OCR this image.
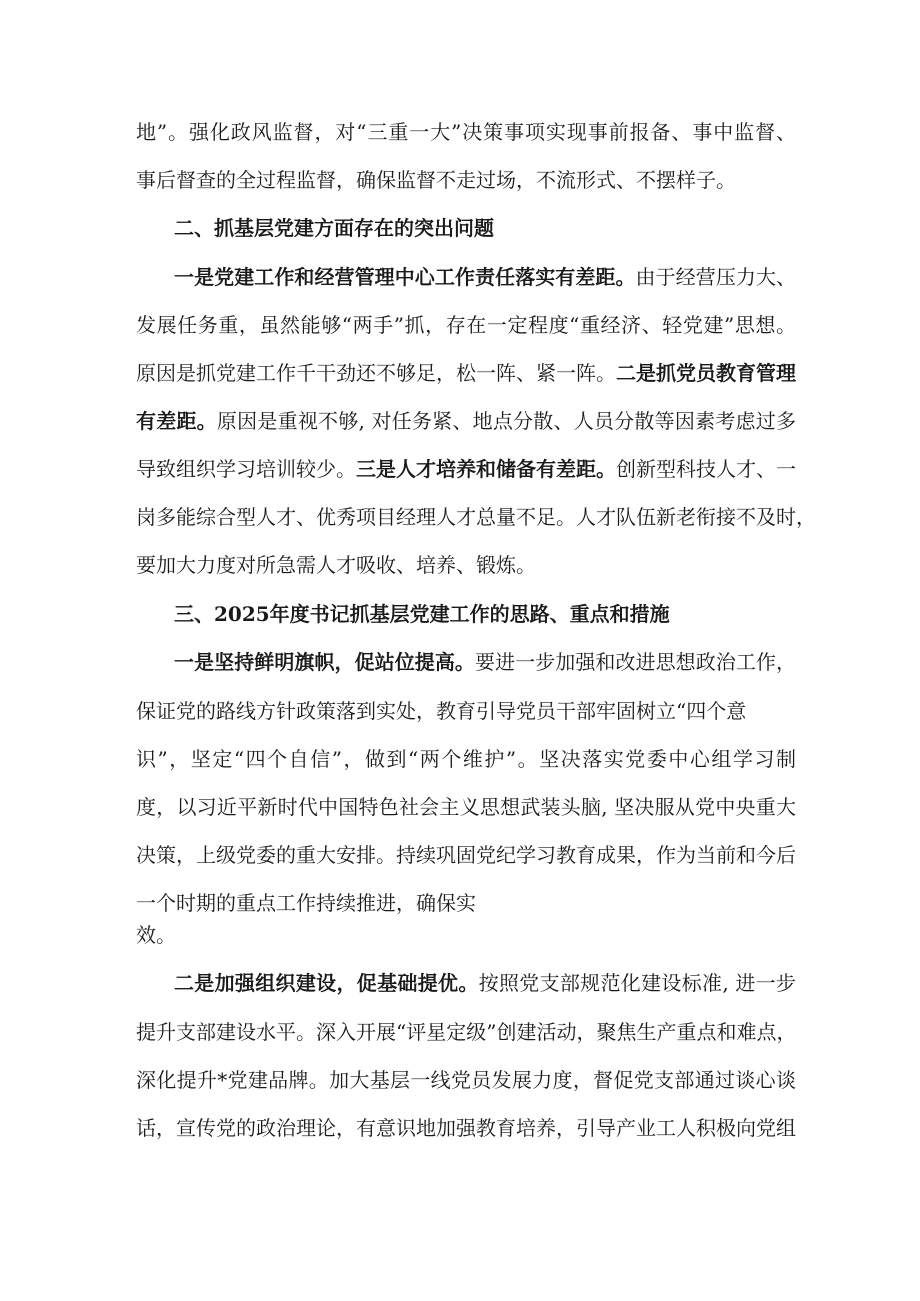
地”。强化政风监督，对“三重一大”决策事项实现事前报备、事中监督、
事后督查的全过程监督，确保监督不走过场，不流形式、不摆样子。
二、抓基层党建方面存在的突出问题
一是党建工作和经营管理中心工作责任落实有差距。由于经营压力大、
发展任务重，虽然能够“两手”抓，存在一定程度“重经济、轻党建”思想。
原因是抓党建工作千干劲还不够足，松一阵、紧一阵。二是抓党员教育管理
有差距。原因是重视不够, 对任务紧、地点分散、人员分散等因素考虑过多
导致组织学习培训较少。三是人才培养和储备有差距。创新型科技人才、一
岗多能综合型人才、优秀项目经理人才总量不足。人才队伍新老衔接不及时，
要加大力度对所急需人才吸收、培养、锻炼。
三、2025年度书记抓基层党建工作的思路、重点和措施
一是坚持鲜明旗帜，促站位提高。要进一步加强和改进思想政治工作，
保证党的路线方针政策落到实处，教育引导党员干部牢固树立“四个意
识”，坚定“四个自信”，做到“两个维护”。坚决落实党委中心组学习制
度，以习近平新时代中国特色社会主义思想武装头脑, 坚决服从党中央重大
决策，上级党委的重大安排。持续巩固党纪学习教育成果，作为当前和今后
一个时期的重点工作持续推进，确保实
效。
二是加强组织建设，促基础提优。按照党支部规范化建设标准, 进一步
提升支部建设水平。深入开展“评星定级”创建活动，聚焦生产重点和难点，
深化提升*党建品牌。加大基层一线党员发展力度，督促党支部通过谈心谈
话，宣传党的政治理论，有意识地加强教育培养，引导产业工人积极向党组
